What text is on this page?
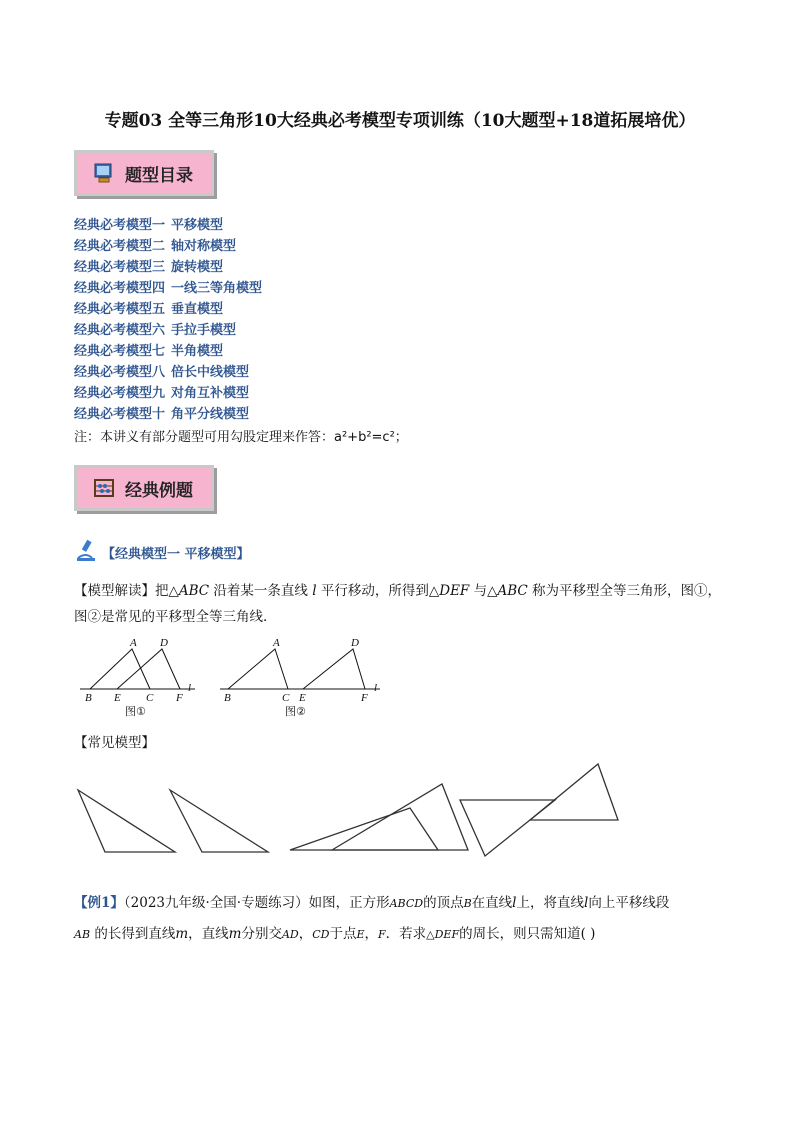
专题03 全等三角形10大经典必考模型专项训练（10大题型+18道拓展培优）
题型目录
经典必考模型一 平移模型
经典必考模型二 轴对称模型
经典必考模型三 旋转模型
经典必考模型四 一线三等角模型
经典必考模型五 垂直模型
经典必考模型六 手拉手模型
经典必考模型七 半角模型
经典必考模型八 倍长中线模型
经典必考模型九 对角互补模型
经典必考模型十 角平分线模型
注：本讲义有部分题型可用勾股定理来作答：a²+b²=c²；
经典例题
【经典模型一 平移模型】
【模型解读】把△ABC 沿着某一条直线 l 平行移动，所得到△DEF 与△ABC 称为平移型全等三角形，图①，
图②是常见的平移型全等三角线．
A D
B E C F
l
图①
A	D
B	C E	F
l
图②
【常见模型】
【例1】（2023九年级·全国·专题练习）如图，正方形ABCD的顶点B在直线l上，将直线l向上平移线段
AB 的长得到直线m，直线m分别交AD，CD于点E，F．若求△DEF的周长，则只需知道( )
